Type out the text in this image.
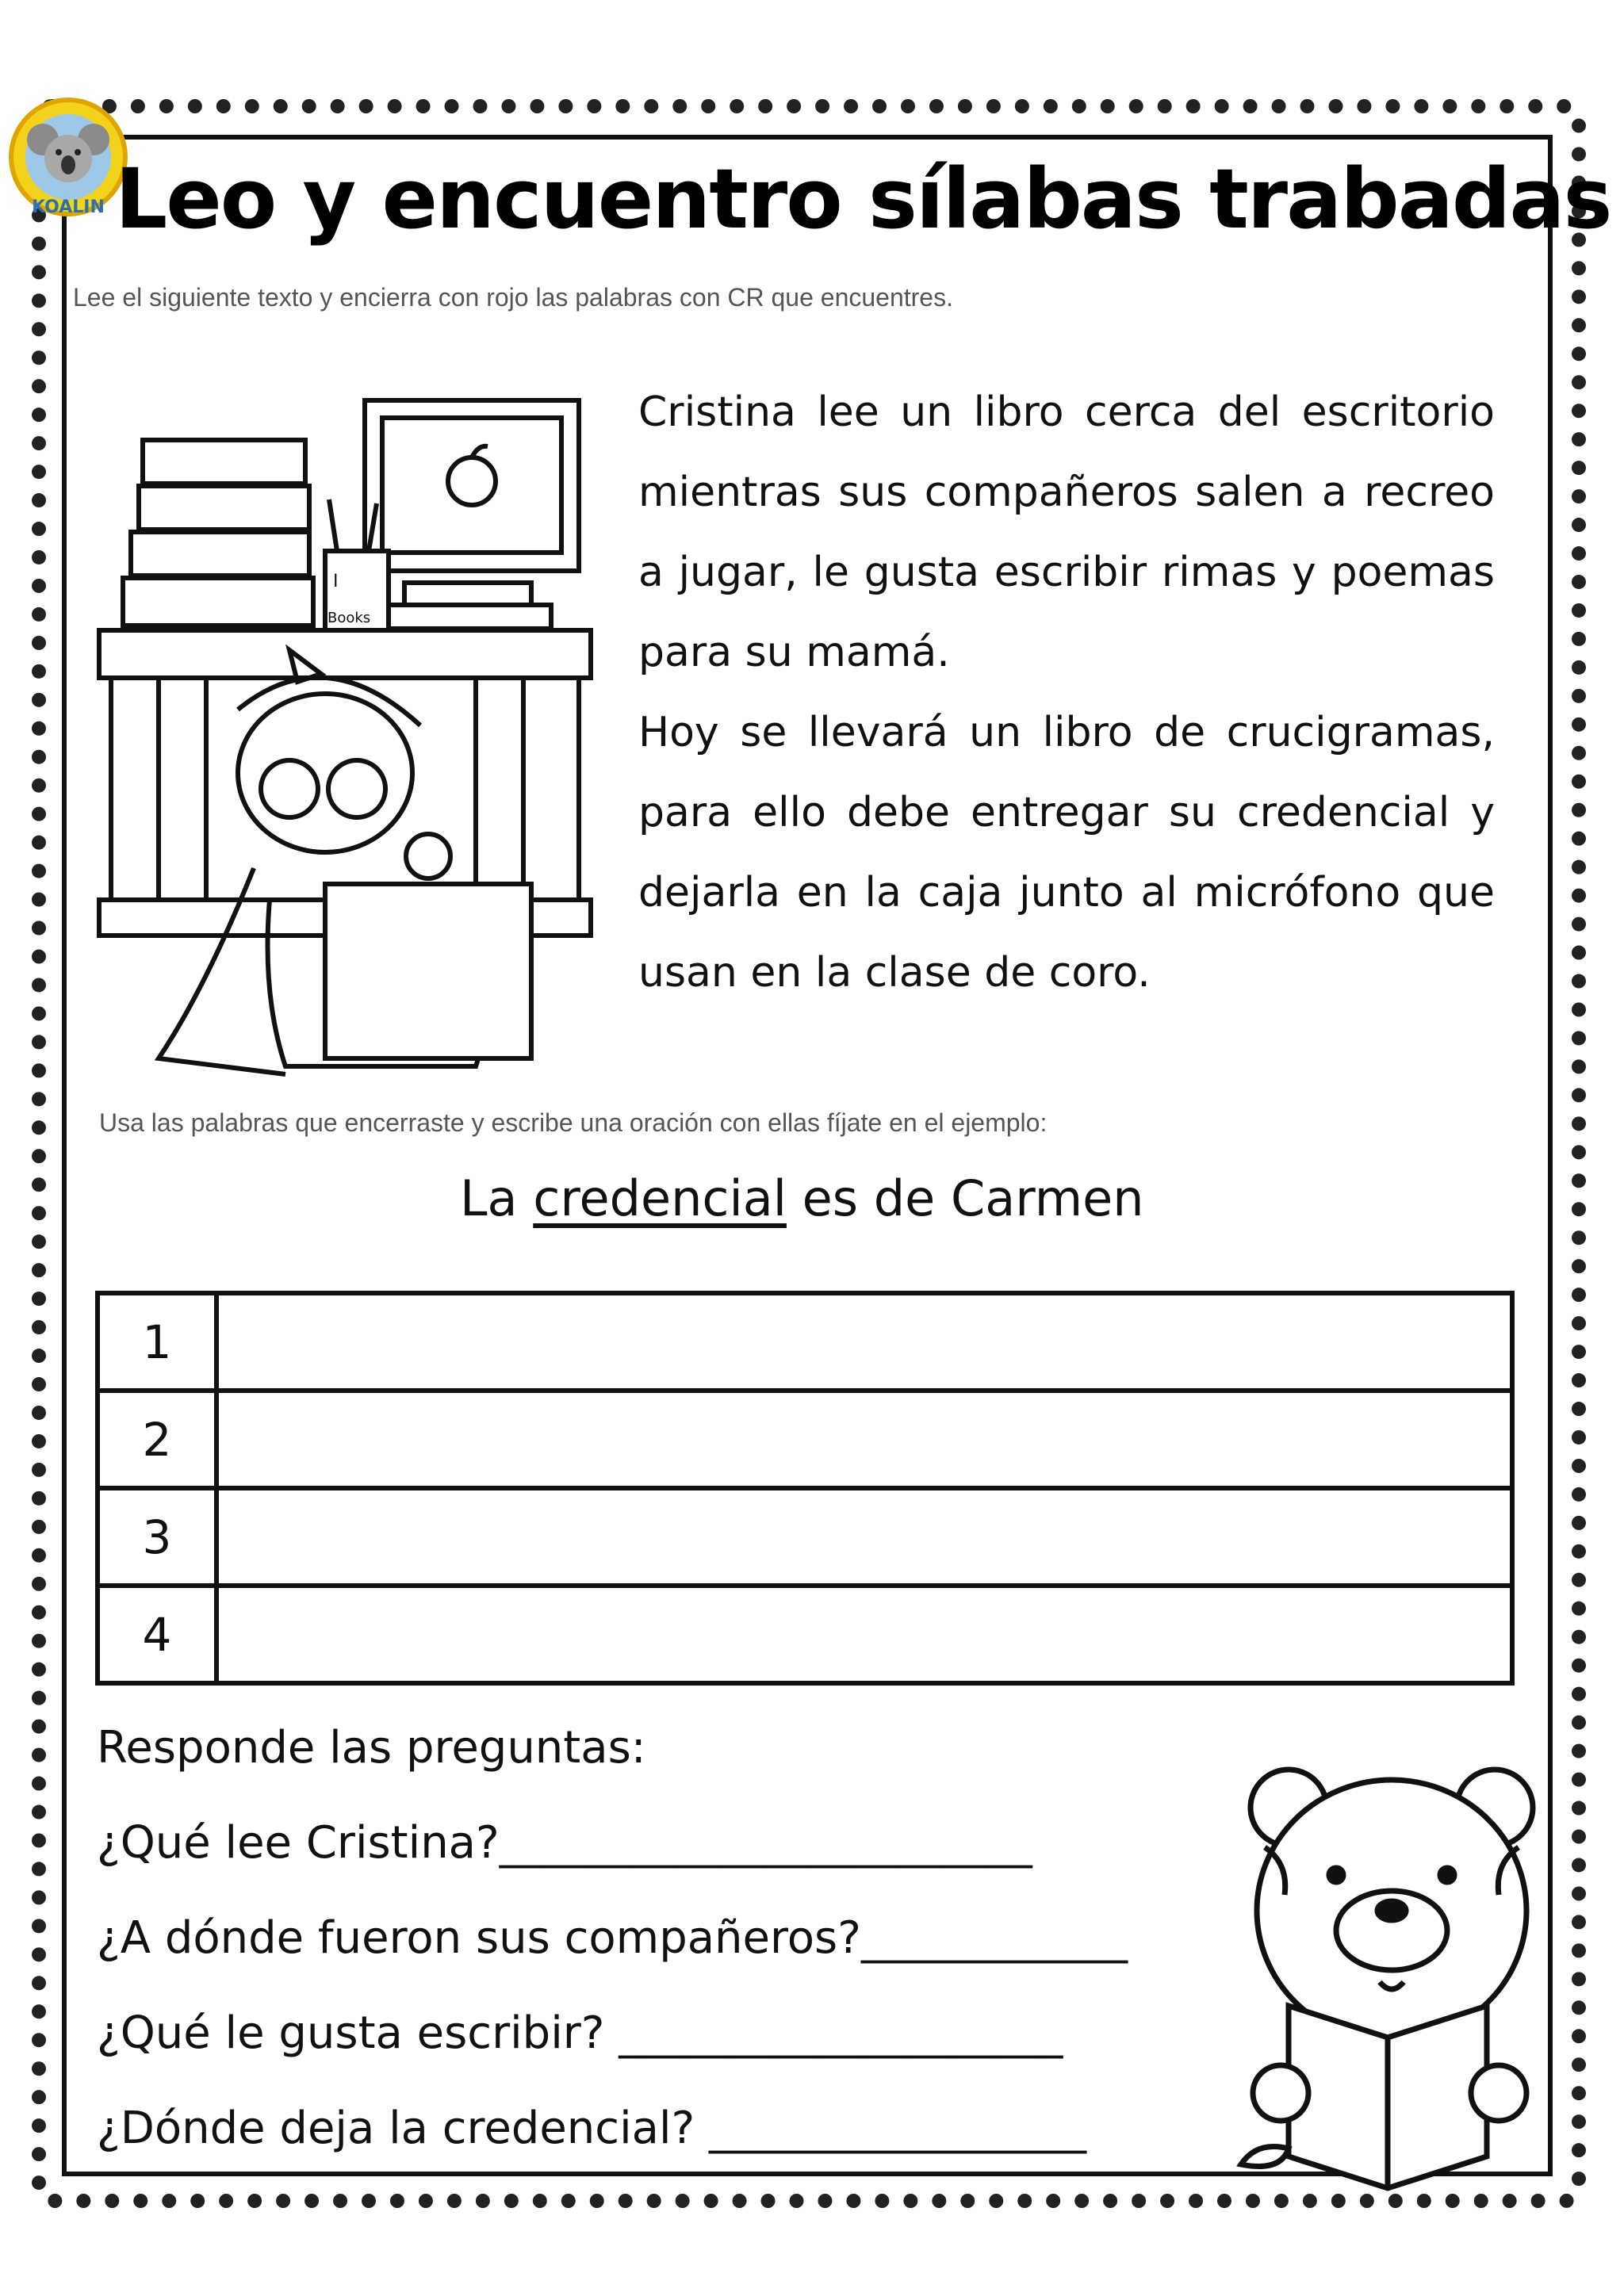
KOALIN Leo y encuentro sílabas trabadas
Lee el siguiente texto y encierra con rojo las palabras con CR que encuentres.
I
Books

Cristina lee un libro cerca del escritorio mientras sus compañeros salen a recreo a jugar, le gusta escribir rimas y poemas para su mamá.

Hoy se llevará un libro de crucigramas, para ello debe entregar su credencial y dejarla en la caja junto al micrófono que usan en la clase de coro.

Usa las palabras que encerraste y escribe una oración con ellas fíjate en el ejemplo:
La credencial es de Carmen
1	
2	
3	
4	
Responde las preguntas:
¿Qué lee Cristina?________________________
¿A dónde fueron sus compañeros?____________
¿Qué le gusta escribir? ____________________
¿Dónde deja la credencial? _________________
